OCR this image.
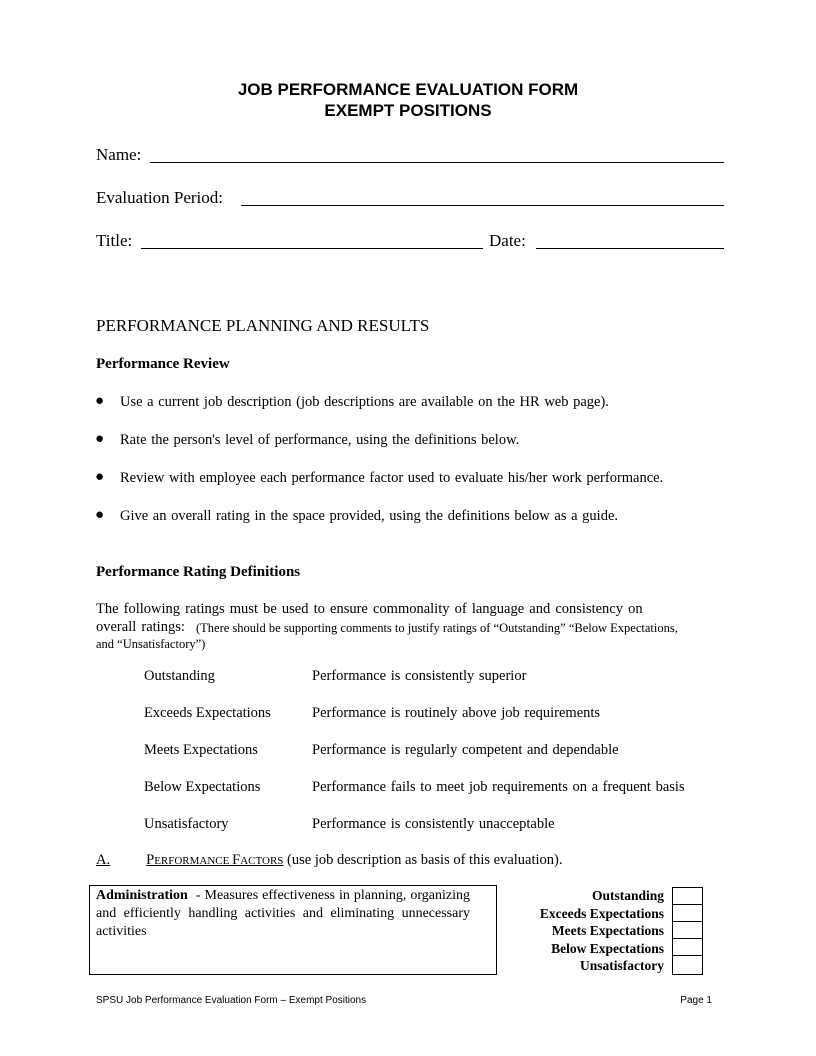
JOB PERFORMANCE EVALUATION FORM
EXEMPT POSITIONS
Name:
Evaluation Period:
Title:	Date:
PERFORMANCE PLANNING AND RESULTS
Performance Review
● Use a current job description (job descriptions are available on the HR web page).
● Rate the person's level of performance, using the definitions below.
● Review with employee each performance factor used to evaluate his/her work performance.
● Give an overall rating in the space provided, using the definitions below as a guide.
Performance Rating Definitions
The following ratings must be used to ensure commonality of language and consistency on
overall ratings: (There should be supporting comments to justify ratings of “Outstanding” “Below Expectations,
and “Unsatisfactory”)
Outstanding	Performance is consistently superior
Exceeds Expectations	Performance is routinely above job requirements
Meets Expectations	Performance is regularly competent and dependable
Below Expectations	Performance fails to meet job requirements on a frequent basis
Unsatisfactory	Performance is consistently unacceptable
A. PERFORMANCE FACTORS (use job description as basis of this evaluation).
Administration - Measures effectiveness in planning, organizing and efficiently handling activities and eliminating unnecessary activities
Outstanding
Exceeds Expectations
Meets Expectations
Below Expectations
Unsatisfactory
SPSU Job Performance Evaluation Form – Exempt Positions	Page 1
